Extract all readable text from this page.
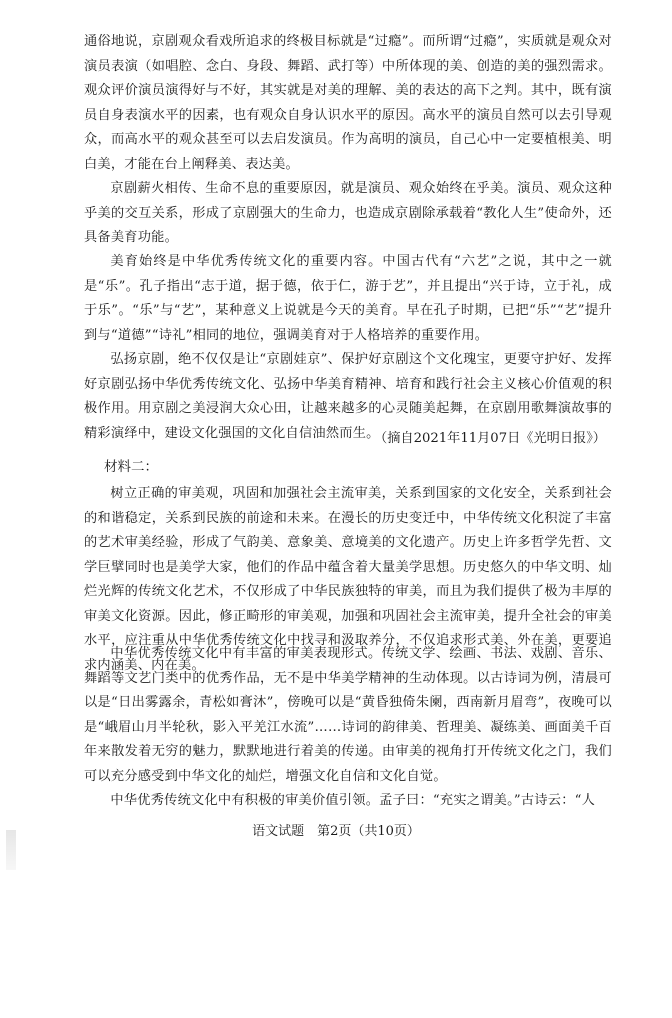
通俗地说，京剧观众看戏所追求的终极目标就是“过瘾”。而所谓“过瘾”，实质就是观众对演员表演（如唱腔、念白、身段、舞蹈、武打等）中所体现的美、创造的美的强烈需求。观众评价演员演得好与不好，其实就是对美的理解、美的表达的高下之判。其中，既有演员自身表演水平的因素，也有观众自身认识水平的原因。高水平的演员自然可以去引导观众，而高水平的观众甚至可以去启发演员。作为高明的演员，自己心中一定要植根美、明白美，才能在台上阐释美、表达美。

京剧薪火相传、生命不息的重要原因，就是演员、观众始终在乎美。演员、观众这种乎美的交互关系，形成了京剧强大的生命力，也造成京剧除承载着“教化人生”使命外，还具备美育功能。

美育始终是中华优秀传统文化的重要内容。中国古代有“六艺”之说，其中之一就是“乐”。孔子指出“志于道，据于德，依于仁，游于艺”，并且提出“兴于诗，立于礼，成于乐”。“乐”与“艺”，某种意义上说就是今天的美育。早在孔子时期，已把“乐”“艺”提升到与“道德”“诗礼”相同的地位，强调美育对于人格培养的重要作用。

弘扬京剧，绝不仅仅是让“京剧娃京”、保护好京剧这个文化瑰宝，更要守护好、发挥好京剧弘扬中华优秀传统文化、弘扬中华美育精神、培育和践行社会主义核心价值观的积极作用。用京剧之美浸润大众心田，让越来越多的心灵随美起舞，在京剧用歌舞演故事的精彩演绎中，建设文化强国的文化自信油然而生。

（摘自2021年11月07日《光明日报》）
材料二：

树立正确的审美观，巩固和加强社会主流审美，关系到国家的文化安全，关系到社会的和谐稳定，关系到民族的前途和未来。在漫长的历史变迁中，中华传统文化积淀了丰富的艺术审美经验，形成了气韵美、意象美、意境美的文化遗产。历史上许多哲学先哲、文学巨擘同时也是美学大家，他们的作品中蕴含着大量美学思想。历史悠久的中华文明、灿烂光辉的传统文化艺术，不仅形成了中华民族独特的审美，而且为我们提供了极为丰厚的审美文化资源。因此，修正畸形的审美观，加强和巩固社会主流审美，提升全社会的审美水平，应注重从中华优秀传统文化中找寻和汲取养分，不仅追求形式美、外在美，更要追求内涵美、内在美。

中华优秀传统文化中有丰富的审美表现形式。传统文学、绘画、书法、戏剧、音乐、舞蹈等文艺门类中的优秀作品，无不是中华美学精神的生动体现。以古诗词为例，清晨可以是“日出雾露余，青松如膏沐”，傍晚可以是“黄昏独倚朱阑，西南新月眉弯”，夜晚可以是“峨眉山月半轮秋，影入平羌江水流”……诗词的韵律美、哲理美、凝练美、画面美千百年来散发着无穷的魅力，默默地进行着美的传递。由审美的视角打开传统文化之门，我们可以充分感受到中华文化的灿烂，增强文化自信和文化自觉。

中华优秀传统文化中有积极的审美价值引领。孟子曰：“充实之谓美。”古诗云：“人

语文试题　第2页（共10页）
